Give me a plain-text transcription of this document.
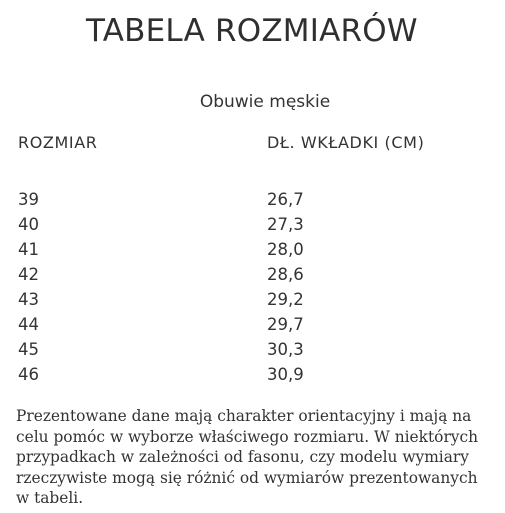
TABELA ROZMIARÓW
Obuwie męskie
ROZMIAR	DŁ. WKŁADKI (CM)
39	26,7
40	27,3
41	28,0
42	28,6
43	29,2
44	29,7
45	30,3
46	30,9
Prezentowane dane mają charakter orientacyjny i mają na celu pomóc w wyborze właściwego rozmiaru. W niektórych przypadkach w zależności od fasonu, czy modelu wymiary rzeczywiste mogą się różnić od wymiarów prezentowanych w tabeli.
